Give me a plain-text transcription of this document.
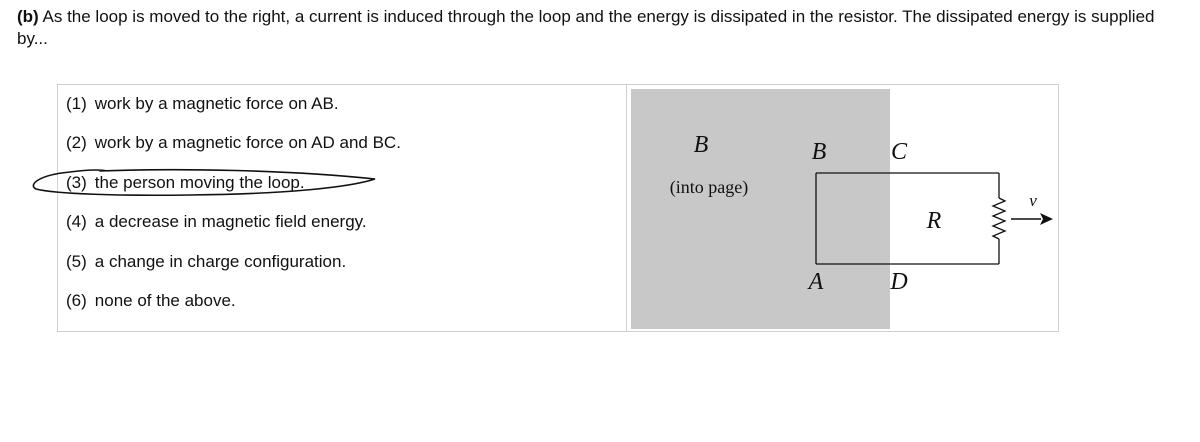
(b) As the loop is moved to the right, a current is induced through the loop and the energy is dissipated in the resistor. The dissipated energy is supplied by...
(1) work by a magnetic force on AB.
(2) work by a magnetic force on AD and BC.
(3) the person moving the loop.
(4) a decrease in magnetic field energy.
(5) a change in charge configuration.
(6) none of the above.
B
(into page)
B	C
A	D
R
v
